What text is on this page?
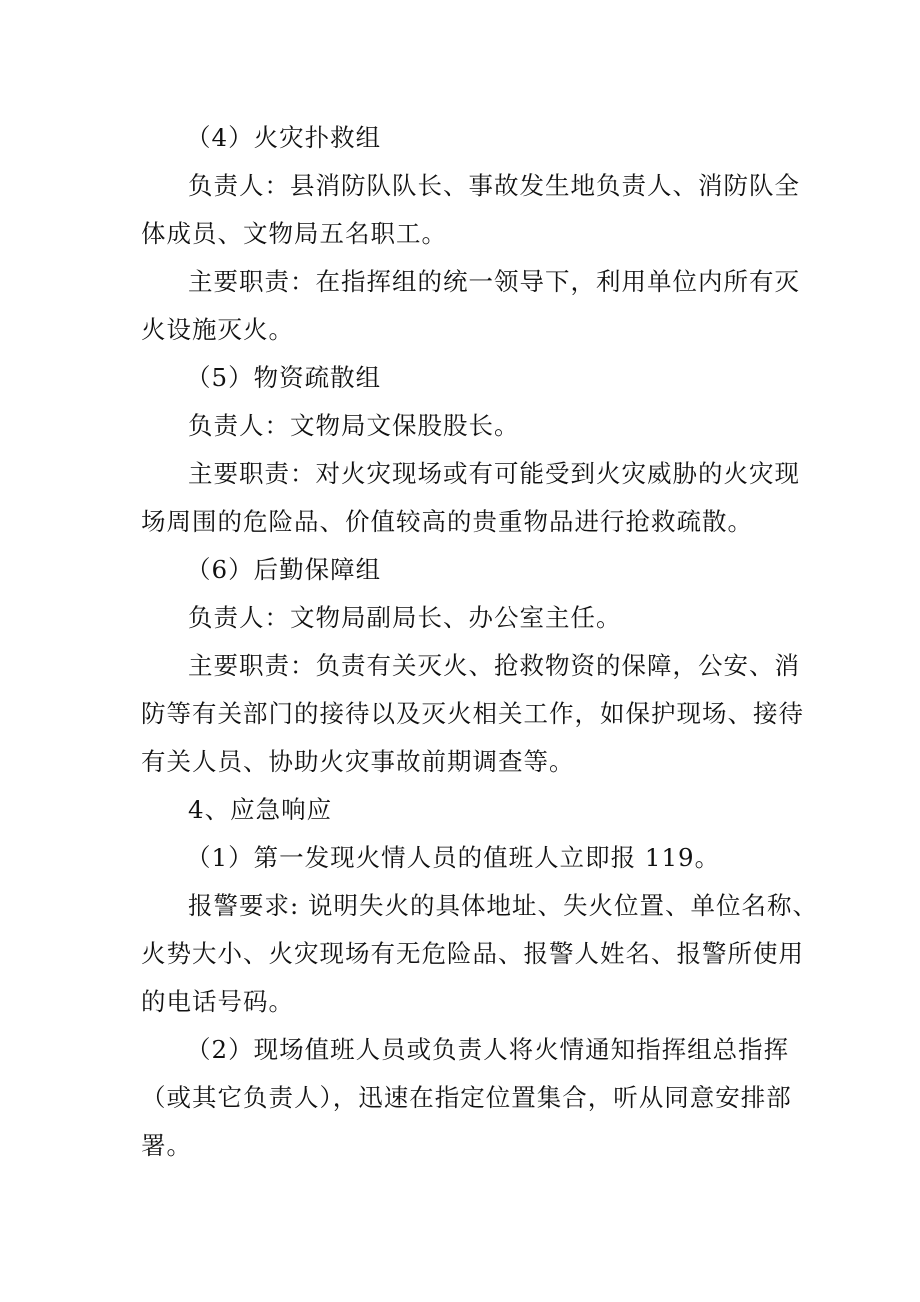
（4）火灾扑救组
负责人：县消防队队长、事故发生地负责人、消防队全
体成员、文物局五名职工。
主要职责：在指挥组的统一领导下，利用单位内所有灭
火设施灭火。
（5）物资疏散组
负责人：文物局文保股股长。
主要职责：对火灾现场或有可能受到火灾威胁的火灾现
场周围的危险品、价值较高的贵重物品进行抢救疏散。
（6）后勤保障组
负责人：文物局副局长、办公室主任。
主要职责：负责有关灭火、抢救物资的保障，公安、消
防等有关部门的接待以及灭火相关工作，如保护现场、接待
有关人员、协助火灾事故前期调查等。
4、应急响应
（1）第一发现火情人员的值班人立即报 119。
报警要求: 说明失火的具体地址、失火位置、单位名称、
火势大小、火灾现场有无危险品、报警人姓名、报警所使用
的电话号码。
（2）现场值班人员或负责人将火情通知指挥组总指挥
（或其它负责人），迅速在指定位置集合，听从同意安排部
署。
